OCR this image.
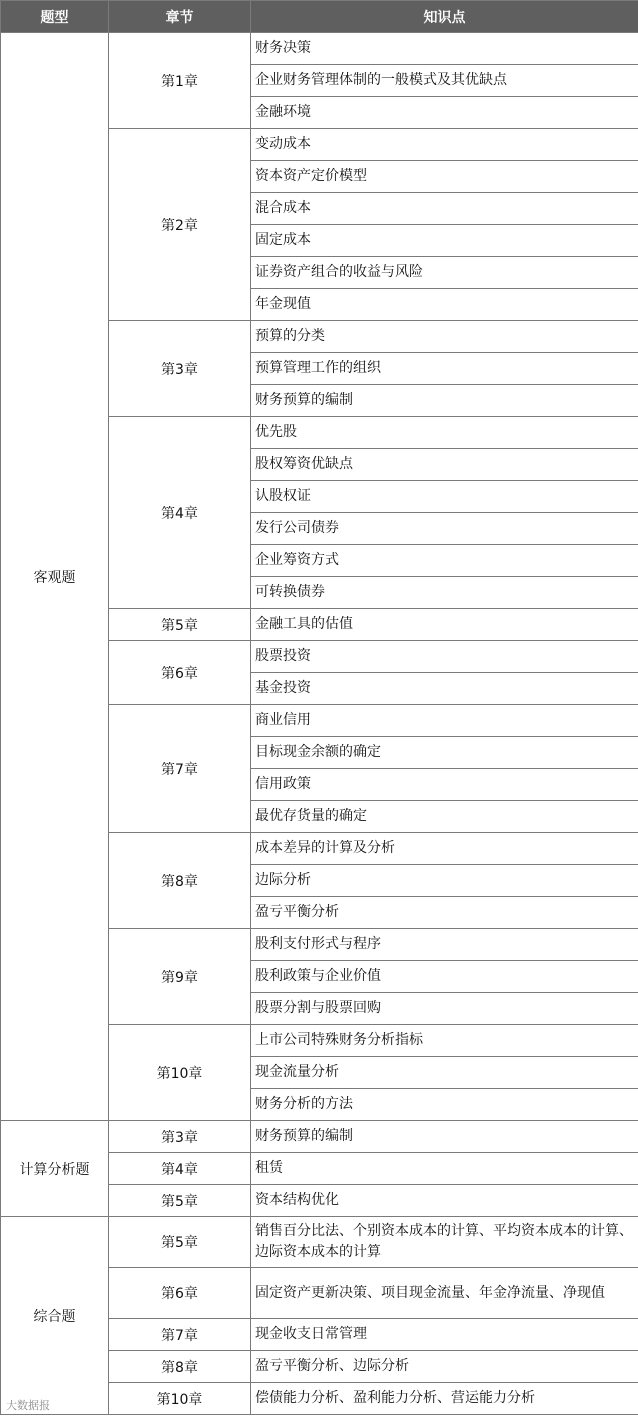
题型	章节	知识点
客观题	第1章	财务决策
		企业财务管理体制的一般模式及其优缺点
		金融环境
	第2章	变动成本
		资本资产定价模型
		混合成本
		固定成本
		证券资产组合的收益与风险
		年金现值
	第3章	预算的分类
		预算管理工作的组织
		财务预算的编制
	第4章	优先股
		股权筹资优缺点
		认股权证
		发行公司债券
		企业筹资方式
		可转换债券
	第5章	金融工具的估值
	第6章	股票投资
		基金投资
	第7章	商业信用
		目标现金余额的确定
		信用政策
		最优存货量的确定
	第8章	成本差异的计算及分析
		边际分析
		盈亏平衡分析
	第9章	股利支付形式与程序
		股利政策与企业价值
		股票分割与股票回购
	第10章	上市公司特殊财务分析指标
		现金流量分析
		财务分析的方法
计算分析题	第3章	财务预算的编制
	第4章	租赁
	第5章	资本结构优化
综合题	第5章	销售百分比法、个别资本成本的计算、平均资本成本的计算、边际资本成本的计算
	第6章	固定资产更新决策、项目现金流量、年金净流量、净现值
	第7章	现金收支日常管理
	第8章	盈亏平衡分析、边际分析
	第10章	偿债能力分析、盈利能力分析、营运能力分析
大数据报
